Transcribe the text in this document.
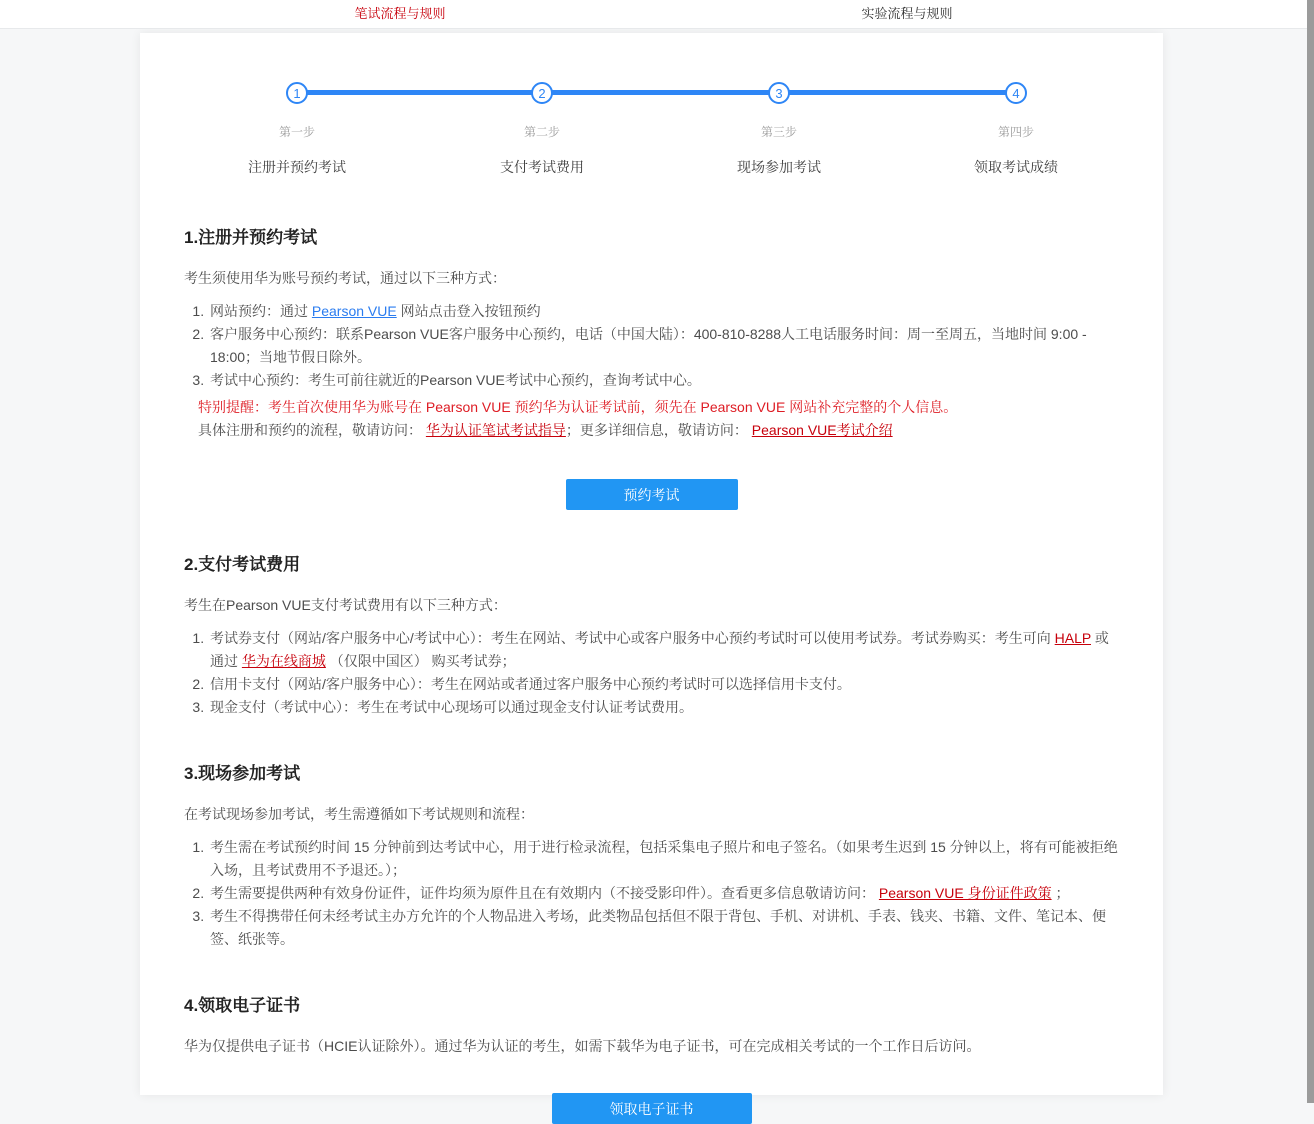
笔试流程与规则	实验流程与规则
1
第一步
注册并预约考试
2
第二步
支付考试费用
3
第三步
现场参加考试
4
第四步
领取考试成绩
1.注册并预约考试

考生须使用华为账号预约考试，通过以下三种方式：

1. 网站预约：通过 Pearson VUE 网站点击登入按钮预约
2. 客户服务中心预约：联系Pearson VUE客户服务中心预约，电话（中国大陆）：400-810-8288人工电话服务时间：周一至周五，当地时间 9:00 - 18:00；当地节假日除外。
3. 考试中心预约：考生可前往就近的Pearson VUE考试中心预约，查询考试中心。

特别提醒：考生首次使用华为账号在 Pearson VUE 预约华为认证考试前，须先在 Pearson VUE 网站补充完整的个人信息。

具体注册和预约的流程，敬请访问： 华为认证笔试考试指导；更多详细信息，敬请访问： Pearson VUE考试介绍

预约考试
2.支付考试费用

考生在Pearson VUE支付考试费用有以下三种方式：

1. 考试券支付（网站/客户服务中心/考试中心）：考生在网站、考试中心或客户服务中心预约考试时可以使用考试券。考试券购买：考生可向 HALP 或通过 华为在线商城 （仅限中国区） 购买考试券；
2. 信用卡支付（网站/客户服务中心）：考生在网站或者通过客户服务中心预约考试时可以选择信用卡支付。
3. 现金支付（考试中心）：考生在考试中心现场可以通过现金支付认证考试费用。
3.现场参加考试

在考试现场参加考试，考生需遵循如下考试规则和流程：

1. 考生需在考试预约时间 15 分钟前到达考试中心，用于进行检录流程，包括采集电子照片和电子签名。（如果考生迟到 15 分钟以上，将有可能被拒绝入场，且考试费用不予退还。）；
2. 考生需要提供两种有效身份证件，证件均须为原件且在有效期内（不接受影印件）。查看更多信息敬请访问： Pearson VUE 身份证件政策 ；
3. 考生不得携带任何未经考试主办方允许的个人物品进入考场，此类物品包括但不限于背包、手机、对讲机、手表、钱夹、书籍、文件、笔记本、便签、纸张等。
4.领取电子证书

华为仅提供电子证书（HCIE认证除外）。通过华为认证的考生，如需下载华为电子证书，可在完成相关考试的一个工作日后访问。

领取电子证书
